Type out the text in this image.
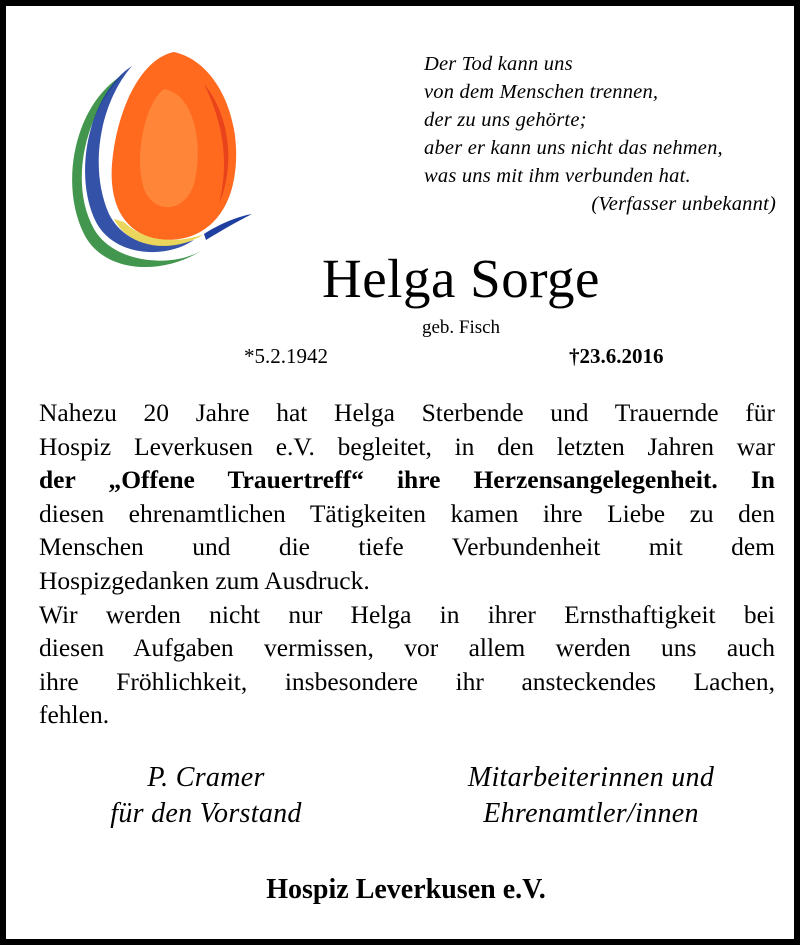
Der Tod kann uns
von dem Menschen trennen,
der zu uns gehörte;
aber er kann uns nicht das nehmen,
was uns mit ihm verbunden hat.
(Verfasser unbekannt)
Helga Sorge
geb. Fisch
*5.2.1942	†23.6.2016
Nahezu 20 Jahre hat Helga Sterbende und Trauernde für
Hospiz Leverkusen e.V. begleitet, in den letzten Jahren war
der „Offene Trauertreff“ ihre Herzensangelegenheit. In
diesen ehrenamtlichen Tätigkeiten kamen ihre Liebe zu den
Menschen und die tiefe Verbundenheit mit dem
Hospizgedanken zum Ausdruck.
Wir werden nicht nur Helga in ihrer Ernsthaftigkeit bei
diesen Aufgaben vermissen, vor allem werden uns auch
ihre Fröhlichkeit, insbesondere ihr ansteckendes Lachen,
fehlen.
P. Cramer
für den Vorstand
Mitarbeiterinnen und
Ehrenamtler/innen
Hospiz Leverkusen e.V.
